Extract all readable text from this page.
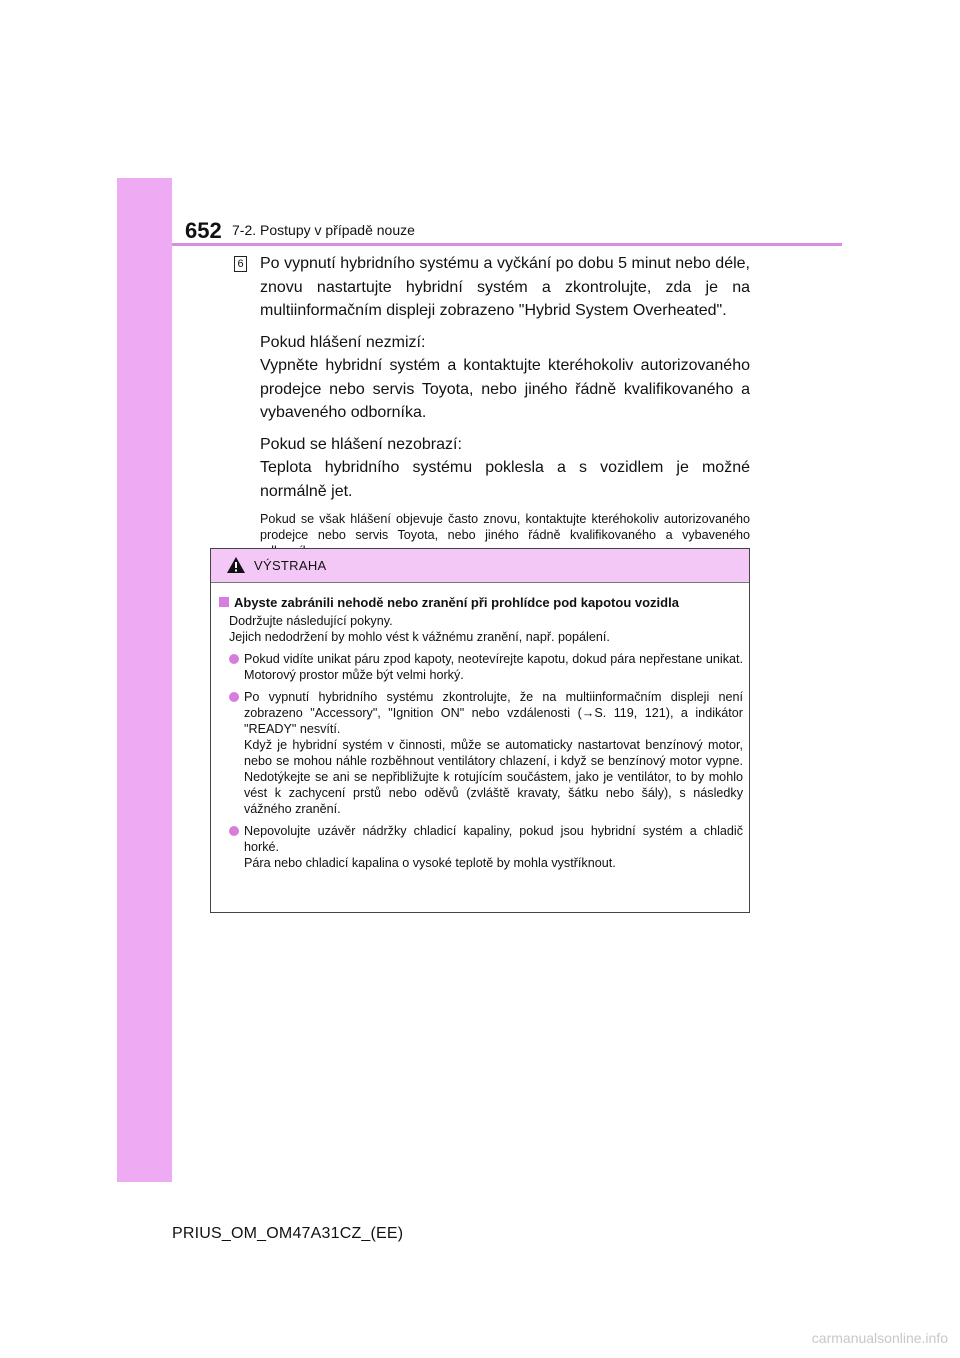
652 7-2. Postupy v případě nouze
6 Po vypnutí hybridního systému a vyčkání po dobu 5 minut nebo déle, znovu nastartujte hybridní systém a zkontrolujte, zda je na multiinformačním displeji zobrazeno "Hybrid System Overheated".

Pokud hlášení nezmizí:

Vypněte hybridní systém a kontaktujte kteréhokoliv autorizovaného prodejce nebo servis Toyota, nebo jiného řádně kvalifikovaného a vybaveného odborníka.

Pokud se hlášení nezobrazí:

Teplota hybridního systému poklesla a s vozidlem je možné normálně jet.

Pokud se však hlášení objevuje často znovu, kontaktujte kteréhokoliv autorizovaného prodejce nebo servis Toyota, nebo jiného řádně kvalifikovaného a vybaveného

VÝSTRAHA
Abyste zabránili nehodě nebo zranění při prohlídce pod kapotou vozidla

Dodržujte následující pokyny.

Jejich nedodržení by mohlo vést k vážnému zranění, např. popálení.

Pokud vidíte unikat páru zpod kapoty, neotevírejte kapotu, dokud pára nepřestane unikat. Motorový prostor může být velmi horký.
Po vypnutí hybridního systému zkontrolujte, že na multiinformačním displeji není zobrazeno "Accessory", "Ignition ON" nebo vzdálenosti (→S. 119, 121), a indikátor "READY" nesvítí.
Když je hybridní systém v činnosti, může se automaticky nastartovat benzínový motor, nebo se mohou náhle rozběhnout ventilátory chlazení, i když se benzínový motor vypne. Nedotýkejte se ani se nepřibližujte k rotujícím součástem, jako je ventilátor, to by mohlo vést k zachycení prstů nebo oděvů (zvláště kravaty, šátku nebo šály), s následky vážného zranění.
Nepovolujte uzávěr nádržky chladicí kapaliny, pokud jsou hybridní systém a chladič horké.
Pára nebo chladicí kapalina o vysoké teplotě by mohla vystříknout.
PRIUS_OM_OM47A31CZ_(EE)
carmanualsonline.info
